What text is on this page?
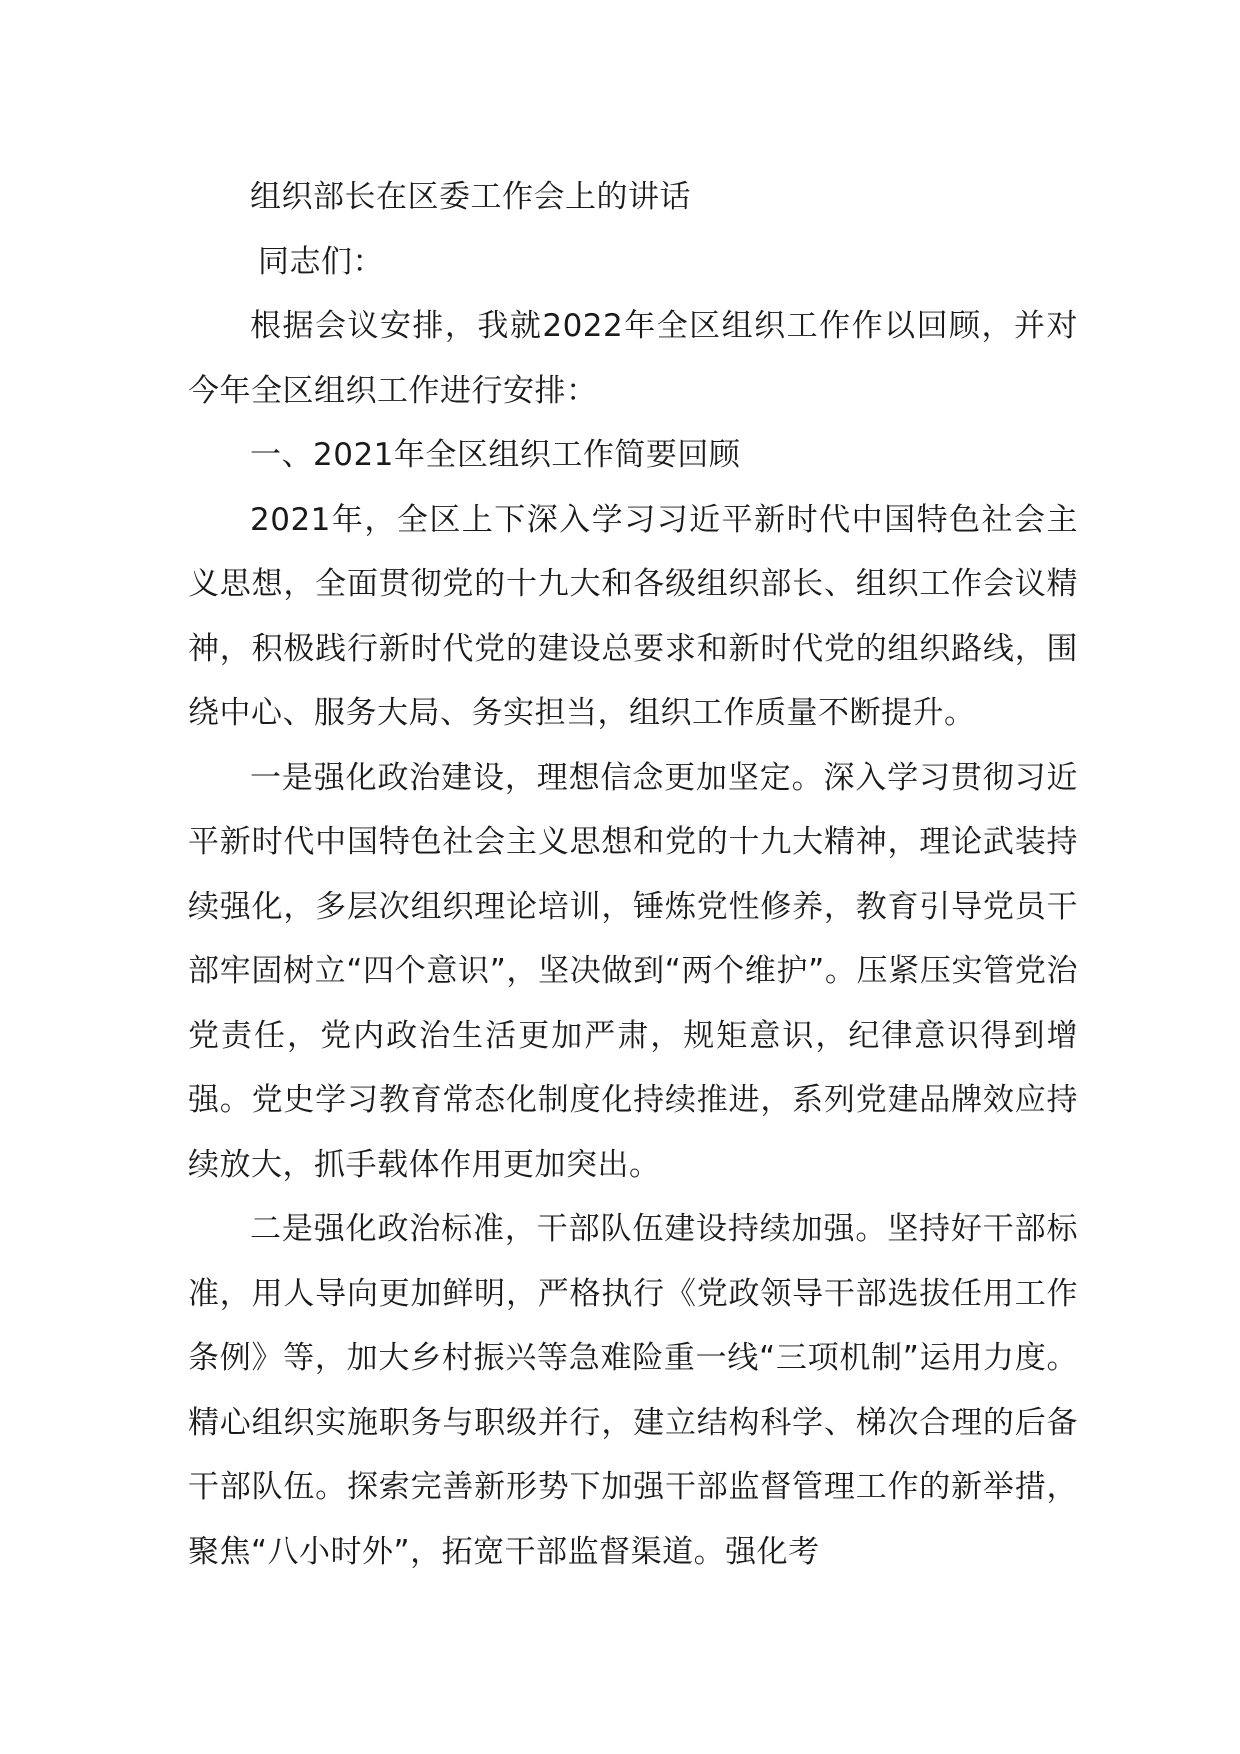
组织部长在区委工作会上的讲话

同志们：

根据会议安排，我就2022年全区组织工作作以回顾，并对今年全区组织工作进行安排：

一、2021年全区组织工作简要回顾

2021年，全区上下深入学习习近平新时代中国特色社会主义思想，全面贯彻党的十九大和各级组织部长、组织工作会议精神，积极践行新时代党的建设总要求和新时代党的组织路线，围绕中心、服务大局、务实担当，组织工作质量不断提升。

一是强化政治建设，理想信念更加坚定。深入学习贯彻习近平新时代中国特色社会主义思想和党的十九大精神，理论武装持续强化，多层次组织理论培训，锤炼党性修养，教育引导党员干部牢固树立“四个意识”，坚决做到“两个维护”。压紧压实管党治党责任，党内政治生活更加严肃，规矩意识，纪律意识得到增强。党史学习教育常态化制度化持续推进，系列党建品牌效应持续放大，抓手载体作用更加突出。

二是强化政治标准，干部队伍建设持续加强。坚持好干部标准，用人导向更加鲜明，严格执行《党政领导干部选拔任用工作条例》等，加大乡村振兴等急难险重一线“三项机制”运用力度。精心组织实施职务与职级并行，建立结构科学、梯次合理的后备干部队伍。探索完善新形势下加强干部监督管理工作的新举措，聚焦“八小时外”，拓宽干部监督渠道。强化考
